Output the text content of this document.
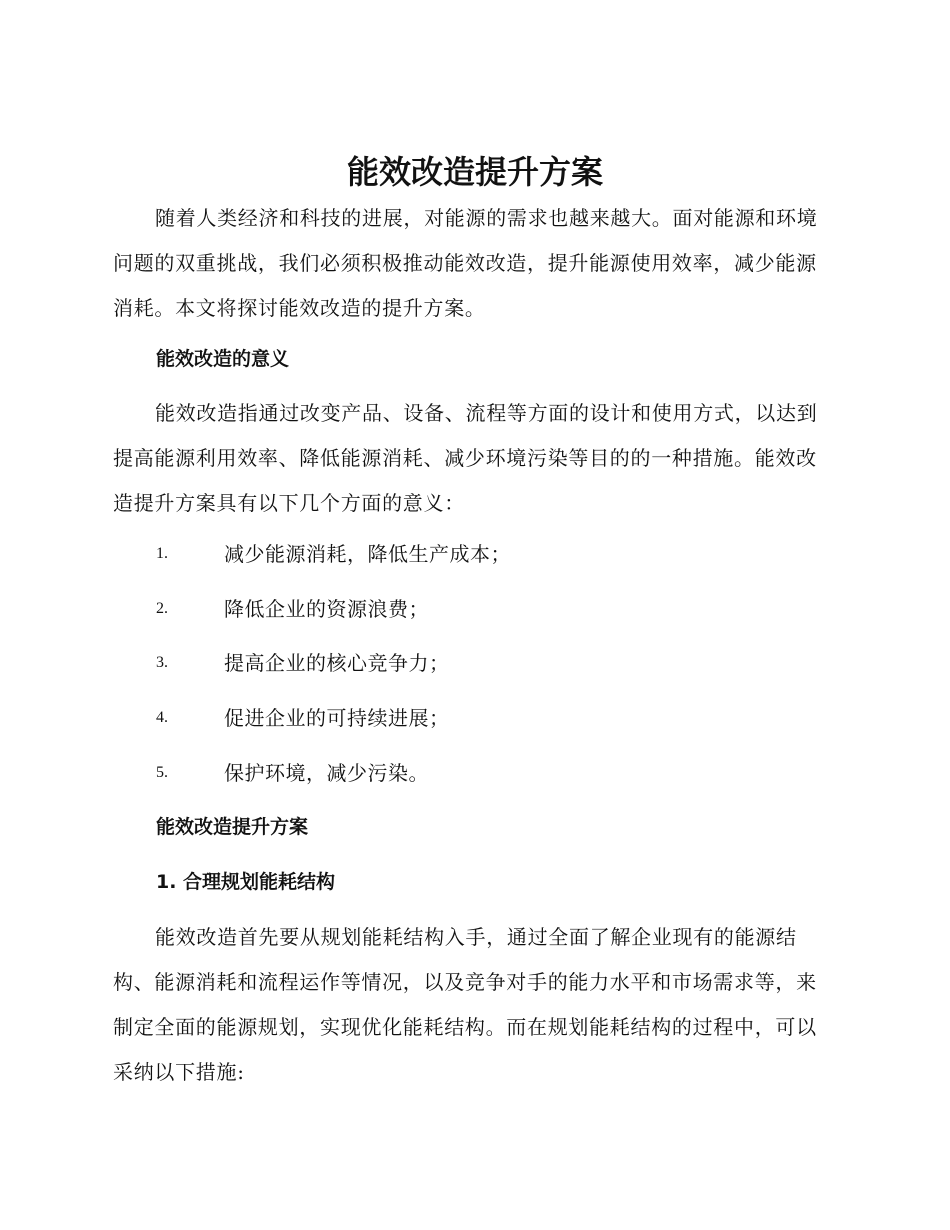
能效改造提升方案

随着人类经济和科技的进展，对能源的需求也越来越大。面对能源和环境问题的双重挑战，我们必须积极推动能效改造，提升能源使用效率，减少能源消耗。本文将探讨能效改造的提升方案。

能效改造的意义

能效改造指通过改变产品、设备、流程等方面的设计和使用方式，以达到提高能源利用效率、降低能源消耗、减少环境污染等目的的一种措施。能效改造提升方案具有以下几个方面的意义：

1.	减少能源消耗，降低生产成本；
2.	降低企业的资源浪费；
3.	提高企业的核心竞争力；
4.	促进企业的可持续进展；
5.	保护环境，减少污染。
能效改造提升方案
1. 合理规划能耗结构

能效改造首先要从规划能耗结构入手，通过全面了解企业现有的能源结构、能源消耗和流程运作等情况，以及竞争对手的能力水平和市场需求等，来制定全面的能源规划，实现优化能耗结构。而在规划能耗结构的过程中，可以采纳以下措施:
